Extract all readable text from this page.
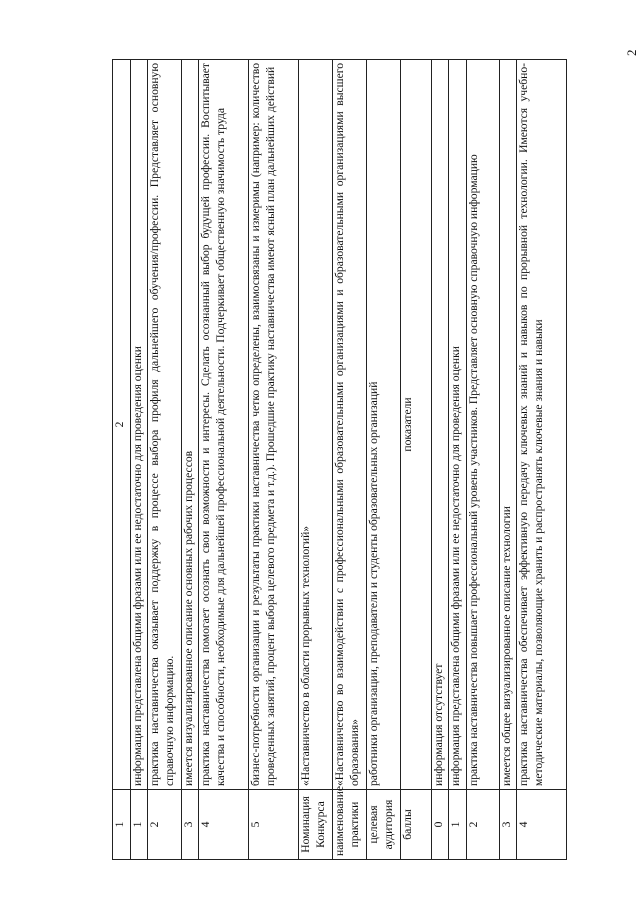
2
1	2
1	информация представлена общими фразами или ее недостаточно для проведения оценки
2	практика наставничества оказывает поддержку в процессе выбора профиля дальнейшего обучения/профессии. Представляет основную справочную информацию.
3	имеется визуализированное описание основных рабочих процессов
4	практика наставничества помогает осознать свои возможности и интересы. Сделать осознанный выбор будущей профессии. Воспитывает качества и способности, необходимые для дальнейшей профессиональной деятельности. Подчеркивает общественную значимость труда
5	бизнес-потребности организации и результаты практики наставничества четко определены, взаимосвязаны и измеримы (например: количество проведенных занятий, процент выбора целевого предмета и т.д.). Прошедшие практику наставничества имеют ясный план дальнейших действий
Номинация Конкурса	«Наставничество в области прорывных технологий»
наименование практики	«Наставничество во взаимодействии с профессиональными образовательными организациями и образовательными организациями высшего образования»
целевая аудитория	работники организации, преподаватели и студенты образовательных организаций
баллы	показатели
0	информация отсутствует
1	информация представлена общими фразами или ее недостаточно для проведения оценки
2	практика наставничества повышает профессиональный уровень участников. Представляет основную справочную информацию
3	имеется общее визуализированное описание технологии
4	практика наставничества обеспечивает эффективную передачу ключевых знаний и навыков по прорывной технологии. Имеются учебно-методические материалы, позволяющие хранить и распространять ключевые знания и навыки
